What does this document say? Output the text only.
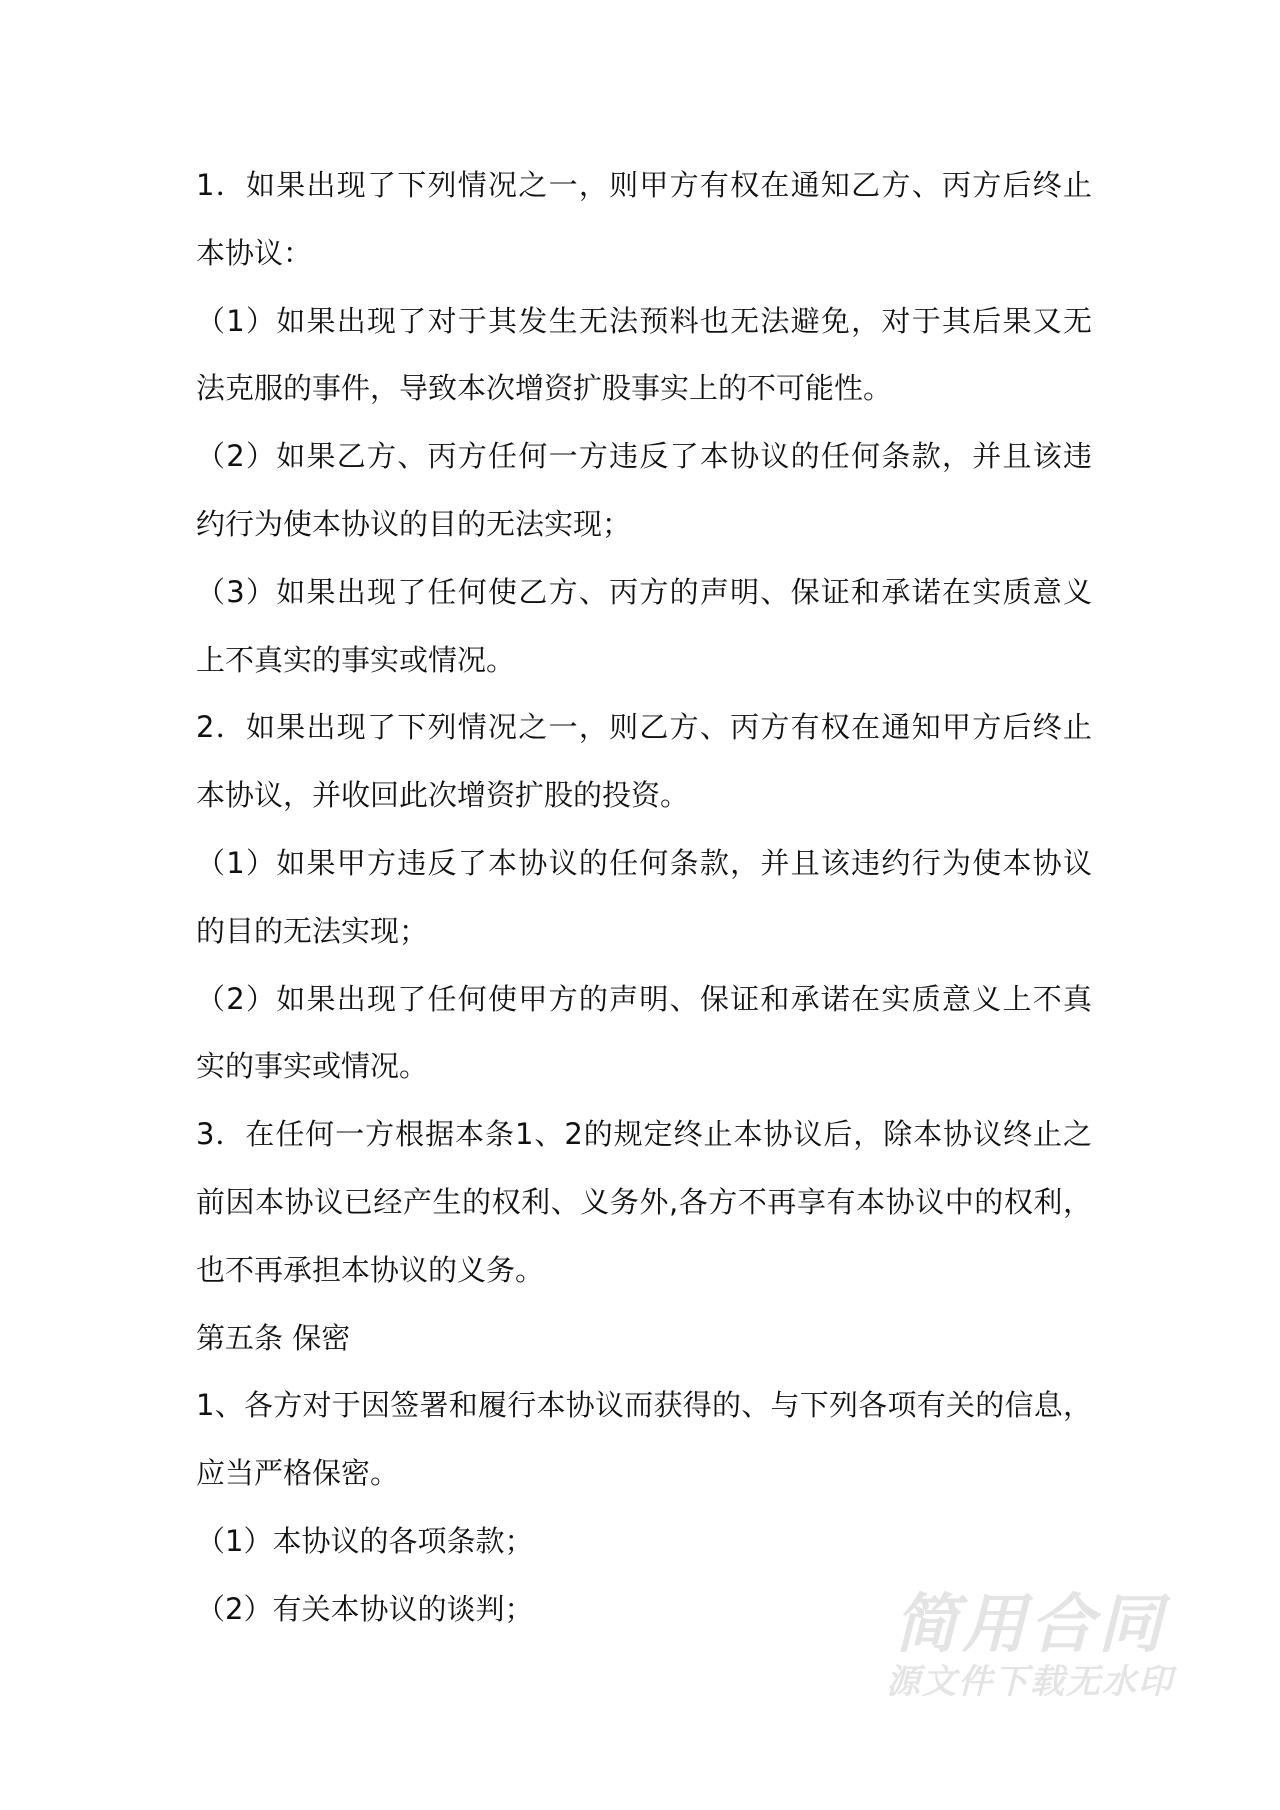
1．如果出现了下列情况之一，则甲方有权在通知乙方、丙方后终止
本协议：
（1）如果出现了对于其发生无法预料也无法避免，对于其后果又无
法克服的事件，导致本次增资扩股事实上的不可能性。
（2）如果乙方、丙方任何一方违反了本协议的任何条款，并且该违
约行为使本协议的目的无法实现；
（3）如果出现了任何使乙方、丙方的声明、保证和承诺在实质意义
上不真实的事实或情况。
2．如果出现了下列情况之一，则乙方、丙方有权在通知甲方后终止
本协议，并收回此次增资扩股的投资。
（1）如果甲方违反了本协议的任何条款，并且该违约行为使本协议
的目的无法实现；
（2）如果出现了任何使甲方的声明、保证和承诺在实质意义上不真
实的事实或情况。
3．在任何一方根据本条1、2的规定终止本协议后，除本协议终止之
前因本协议已经产生的权利、义务外,各方不再享有本协议中的权利，
也不再承担本协议的义务。
第五条 保密
1、各方对于因签署和履行本协议而获得的、与下列各项有关的信息，
应当严格保密。
（1）本协议的各项条款；
（2）有关本协议的谈判；	简用合同
源文件下载无水印
